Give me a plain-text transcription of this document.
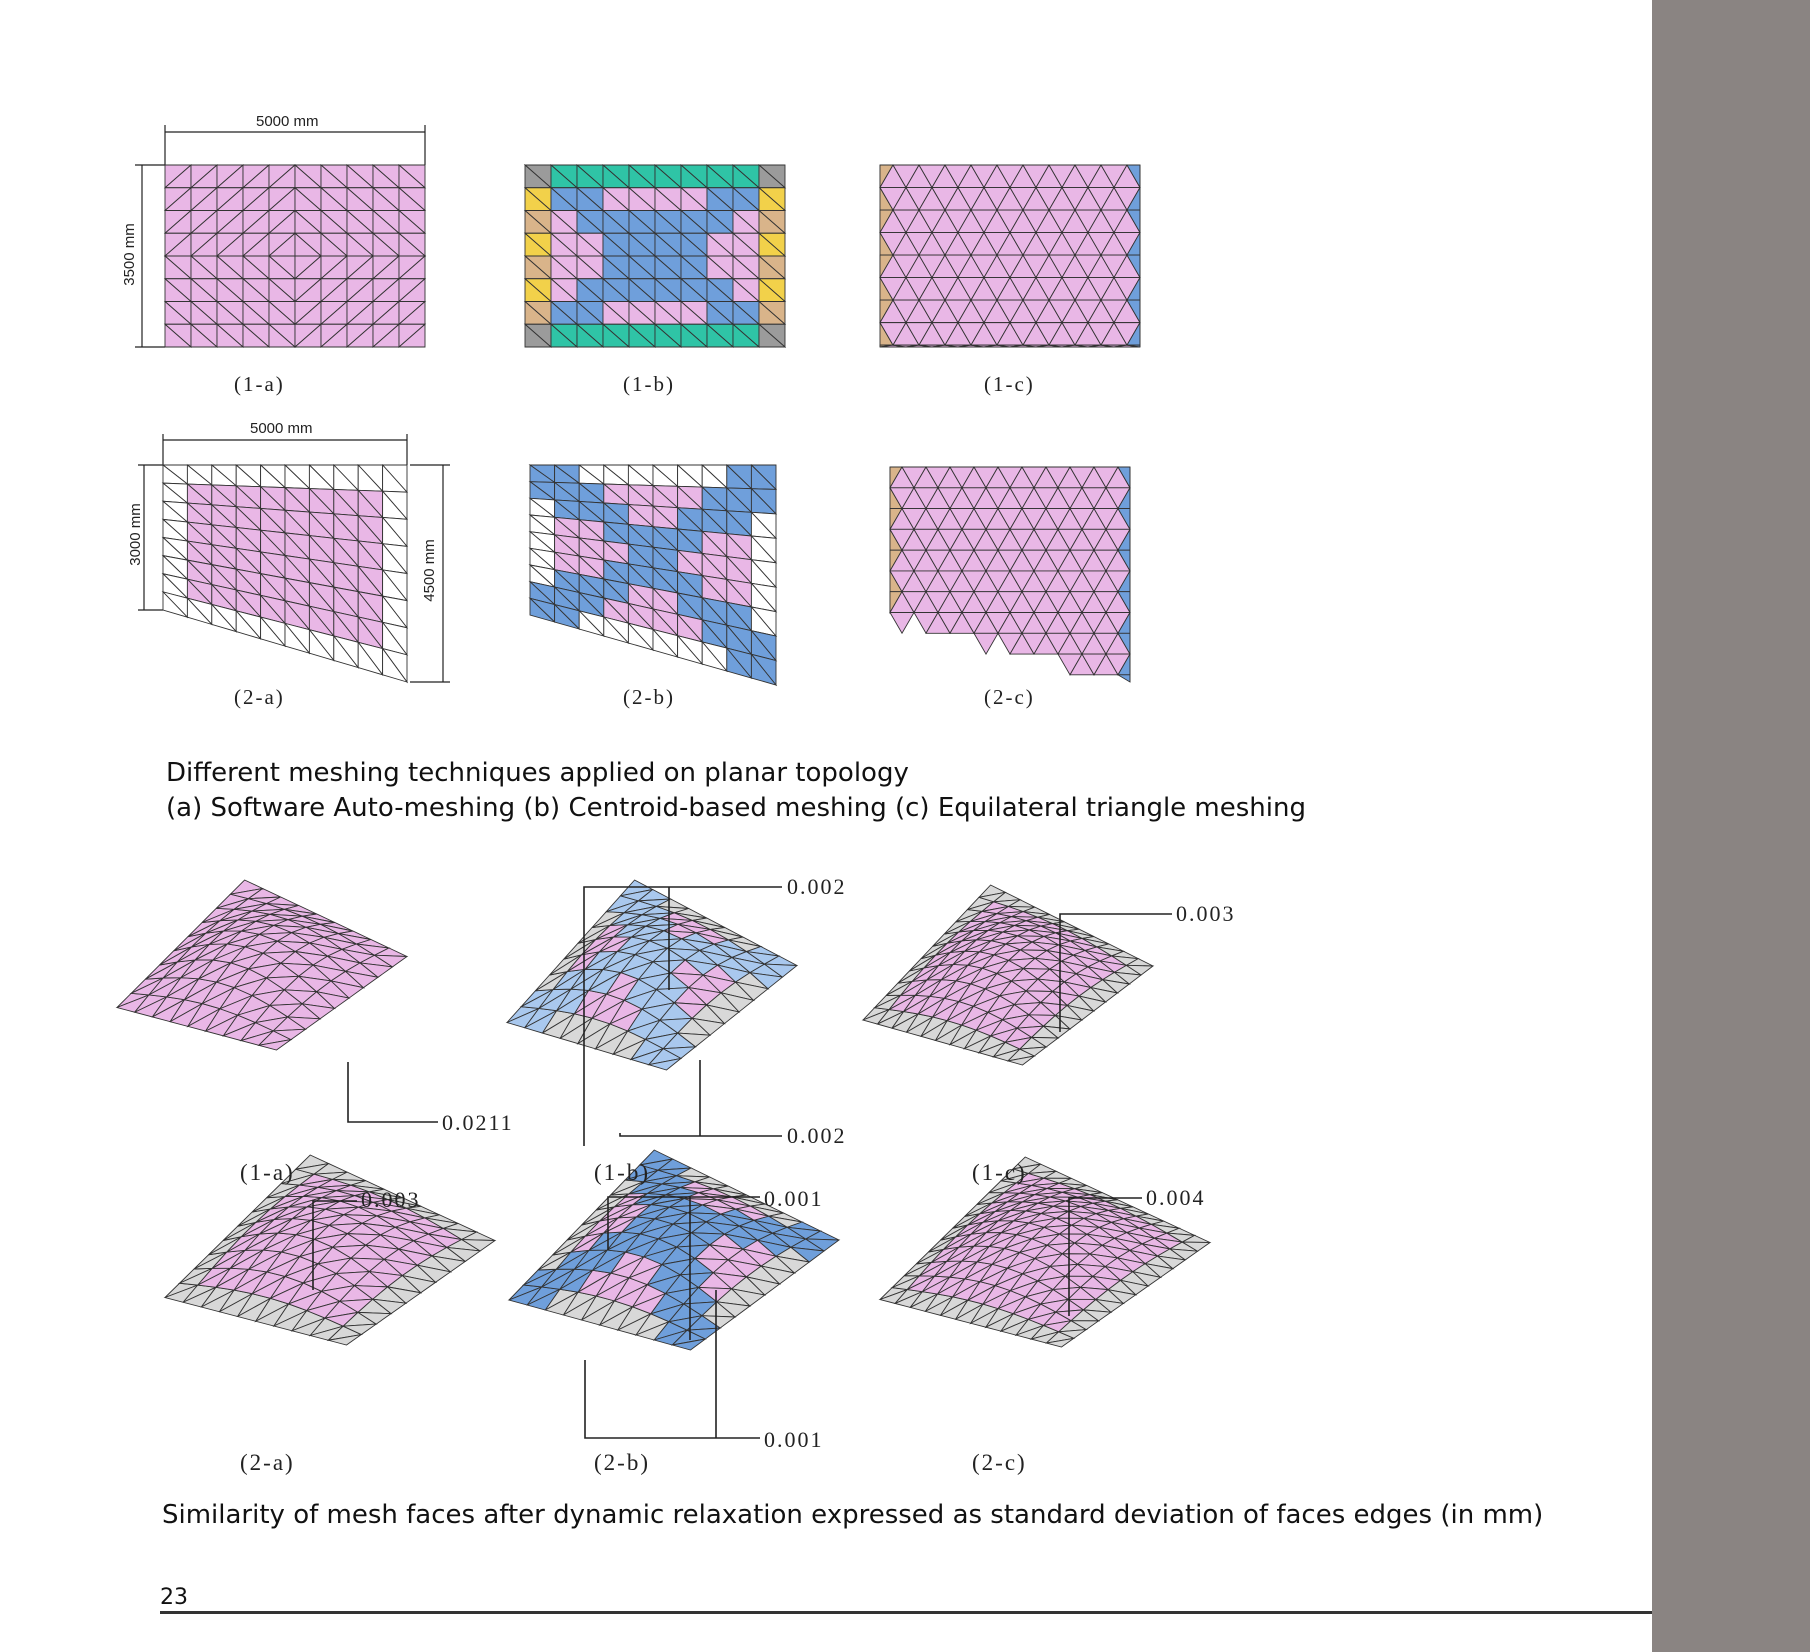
5000 mm
3500 mm
(1-a)	(1-b)	(1-c)
5000 mm
3000 mm
4500 mm
(2-a)	(2-b)	(2-c)
Different meshing techniques applied on planar topology
(a) Software Auto-meshing (b) Centroid-based meshing (c) Equilateral triangle meshing
0.002
0.0211
0.002
0.003
0.003	0.001
0.001
0.004
(1-a)	(1-b)	(1-c)
(2-a)	(2-b)	(2-c)
Similarity of mesh faces after dynamic relaxation expressed as standard deviation of faces edges (in mm)
23
